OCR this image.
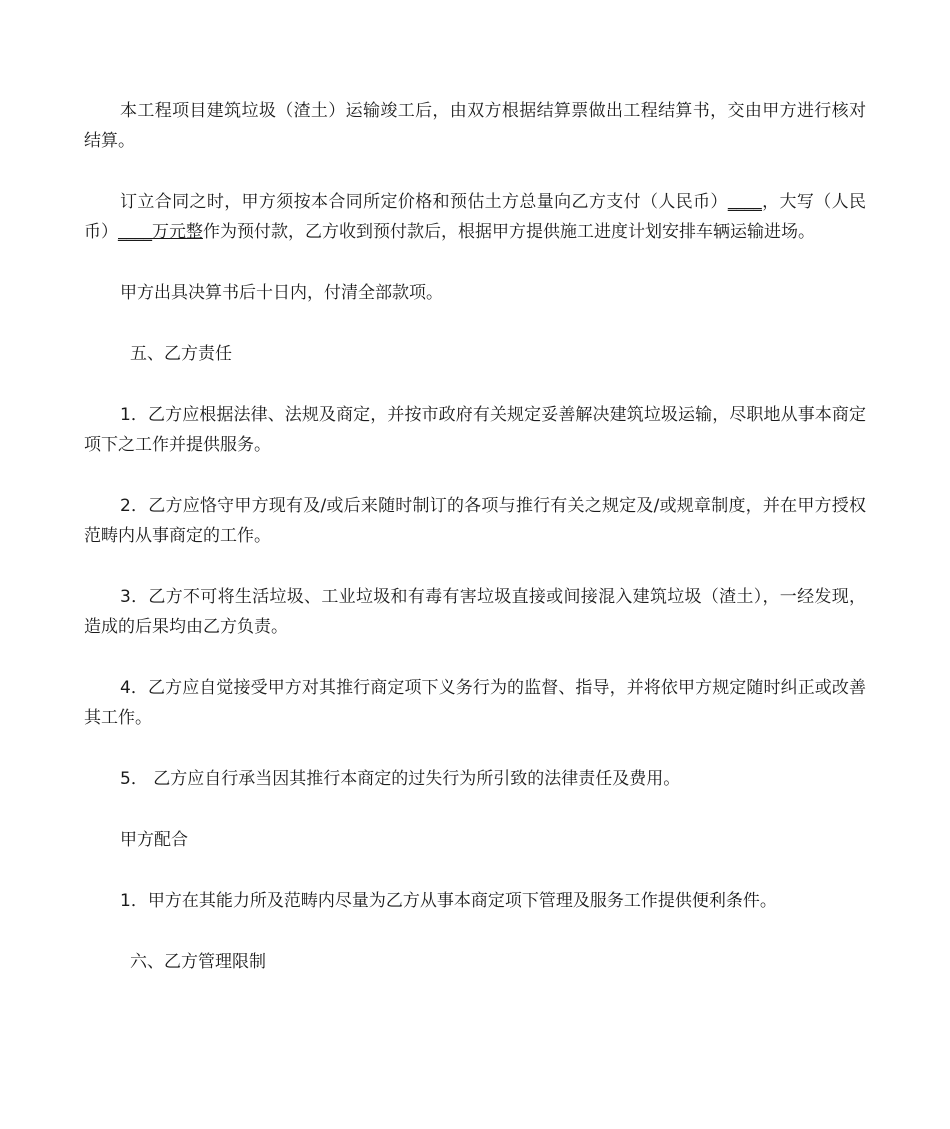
本工程项目建筑垃圾（渣土）运输竣工后，由双方根据结算票做出工程结算书，交由甲方进行核对结算。

订立合同之时，甲方须按本合同所定价格和预估土方总量向乙方支付（人民币）____，大写（人民币）____万元整作为预付款，乙方收到预付款后，根据甲方提供施工进度计划安排车辆运输进场。

甲方出具决算书后十日内，付清全部款项。

五、乙方责任

1．乙方应根据法律、法规及商定，并按市政府有关规定妥善解决建筑垃圾运输，尽职地从事本商定项下之工作并提供服务。

2．乙方应恪守甲方现有及/或后来随时制订的各项与推行有关之规定及/或规章制度，并在甲方授权范畴内从事商定的工作。

3．乙方不可将生活垃圾、工业垃圾和有毒有害垃圾直接或间接混入建筑垃圾（渣土），一经发现，造成的后果均由乙方负责。

4．乙方应自觉接受甲方对其推行商定项下义务行为的监督、指导，并将依甲方规定随时纠正或改善其工作。

5． 乙方应自行承当因其推行本商定的过失行为所引致的法律责任及费用。

甲方配合

1．甲方在其能力所及范畴内尽量为乙方从事本商定项下管理及服务工作提供便利条件。

六、乙方管理限制
